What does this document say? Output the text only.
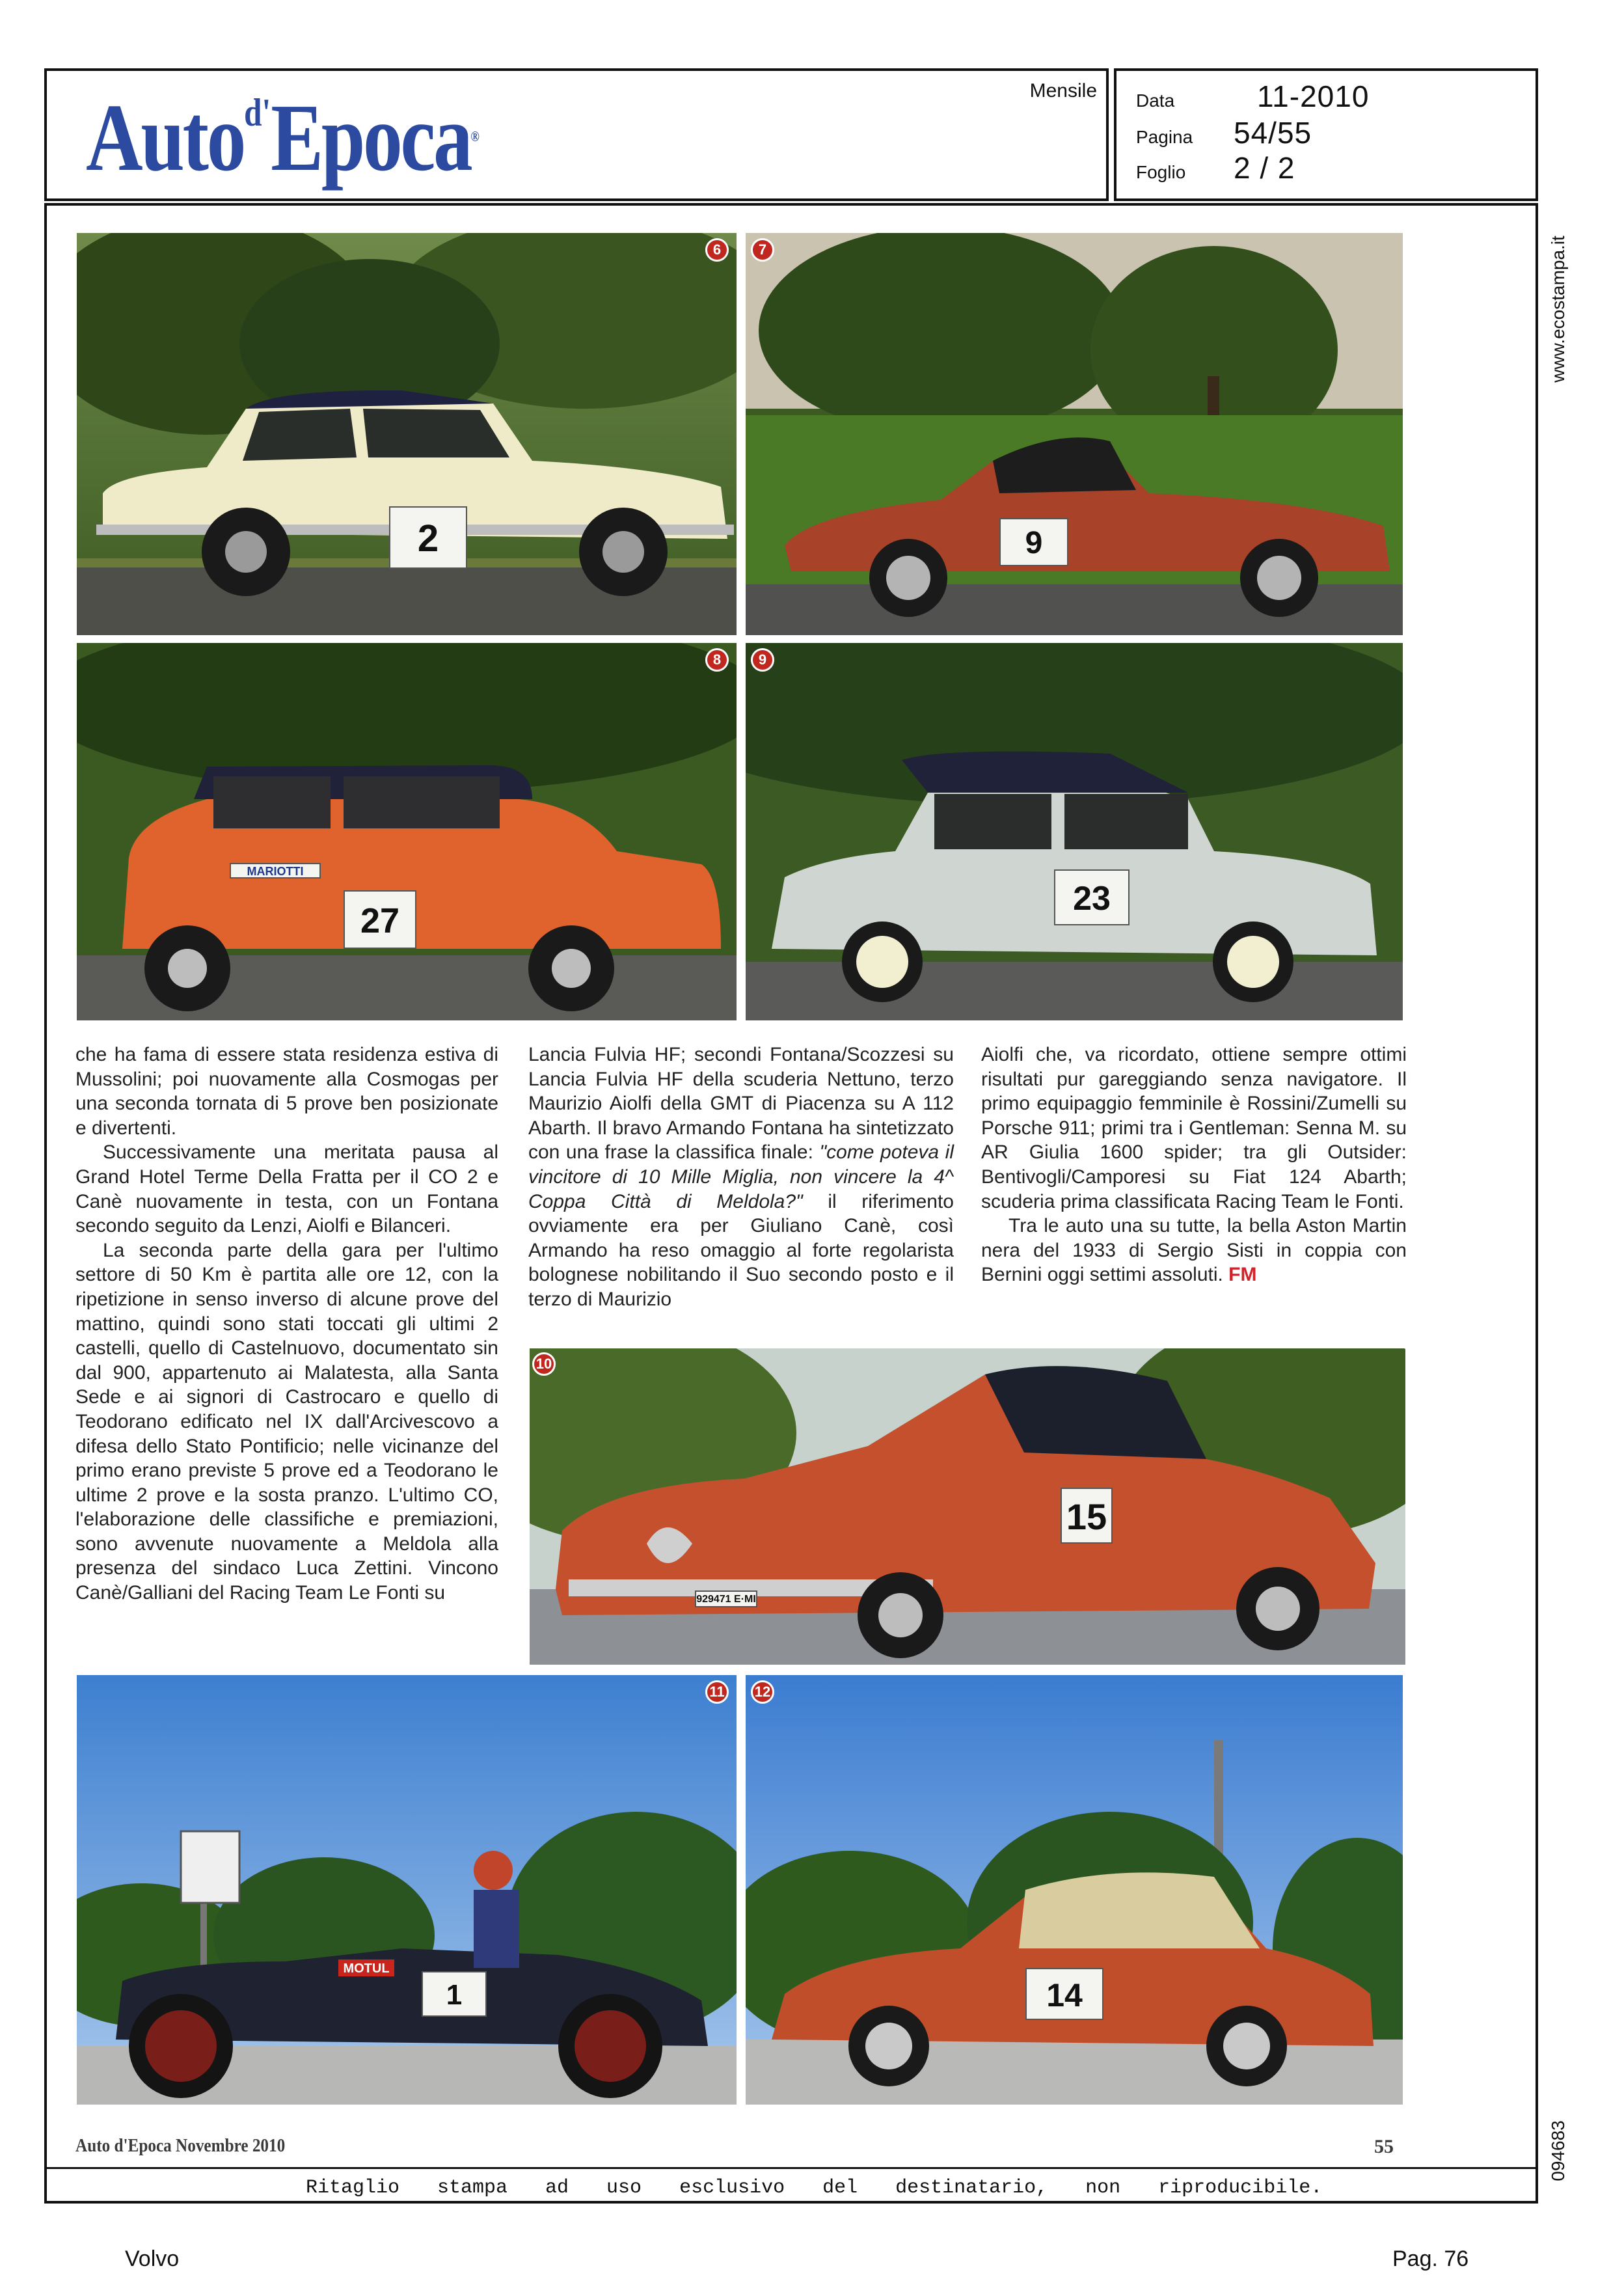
Auto$^{d'}$Epoca®
Mensile Data	11-2010
Pagina	54/55
Foglio	2 / 2
www.ecostampa.it
2
6
9
7
MARIOTTI
27
8
23
9

che ha fama di essere stata residenza estiva di Mussolini; poi nuovamente alla Cosmogas per una seconda tornata di 5 prove ben posizionate e divertenti.

Successivamente una meritata pausa al Grand Hotel Terme Della Fratta per il CO 2 e Canè nuovamente in testa, con un Fontana secondo seguito da Lenzi, Aiolfi e Bilanceri.

La seconda parte della gara per l'ultimo settore di 50 Km è partita alle ore 12, con la ripetizione in senso inverso di alcune prove del mattino, quindi sono stati toccati gli ultimi 2 castelli, quello di Castelnuovo, documentato sin dal 900, appartenuto ai Malatesta, alla Santa Sede e ai signori di Castrocaro e quello di Teodorano edificato nel IX dall'Arcivescovo a difesa dello Stato Pontificio; nelle vicinanze del primo erano previste 5 prove ed a Teodorano le ultime 2 prove e la sosta pranzo. L'ultimo CO, l'elaborazione delle classifiche e premiazioni, sono avvenute nuovamente a Meldola alla presenza del sindaco Luca Zettini. Vincono Canè/Galliani del Racing Team Le Fonti su

Lancia Fulvia HF; secondi Fontana/Scozzesi su Lancia Fulvia HF della scuderia Nettuno, terzo Maurizio Aiolfi della GMT di Piacenza su A 112 Abarth. Il bravo Armando Fontana ha sintetizzato con una frase la classifica finale: "come poteva il vincitore di 10 Mille Miglia, non vincere la 4^ Coppa Città di Meldola?" il riferimento ovviamente era per Giuliano Canè, così Armando ha reso omaggio al forte regolarista bolognese nobilitando il Suo secondo posto e il terzo di Maurizio

Aiolfi che, va ricordato, ottiene sempre ottimi risultati pur gareggiando senza navigatore. Il primo equipaggio femminile è Rossini/Zumelli su Porsche 911; primi tra i Gentleman: Senna M. su AR Giulia 1600 spider; tra gli Outsider: Bentivogli/Camporesi su Fiat 124 Abarth; scuderia prima classificata Racing Team le Fonti.

Tra le auto una su tutte, la bella Aston Martin nera del 1933 di Sergio Sisti in coppia con Bernini oggi settimi assoluti. FM

15
929471 E·MI
10
MOTUL
1
11
14
12
Auto d'Epoca Novembre 2010	55	094683
Ritaglio stampa ad uso esclusivo del destinatario, non riproducibile.
Volvo	Pag. 76
